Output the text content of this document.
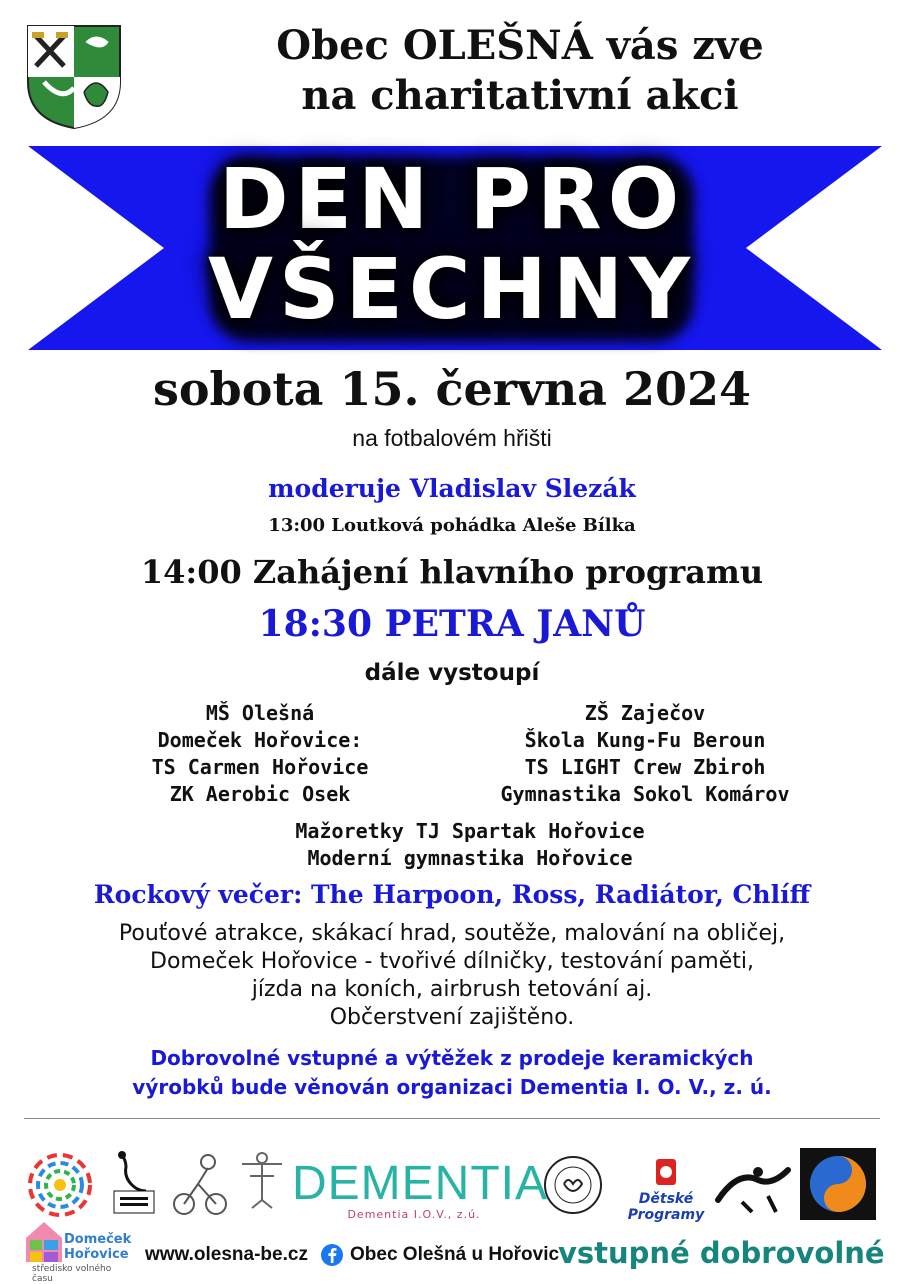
Obec OLEŠNÁ vás zve
na charitativní akci
DEN PRO
VŠECHNY
sobota 15. června 2024
na fotbalovém hřišti
moderuje Vladislav Slezák
13:00 Loutková pohádka Aleše Bílka
14:00 Zahájení hlavního programu
18:30 PETRA JANŮ
dále vystoupí
MŠ Olešná
Domeček Hořovice:
TS Carmen Hořovice
ZK Aerobic Osek
ZŠ Zaječov
Škola Kung-Fu Beroun
TS LIGHT Crew Zbiroh
Gymnastika Sokol Komárov
Mažoretky TJ Spartak Hořovice
Moderní gymnastika Hořovice
Rockový večer: The Harpoon, Ross, Radiátor, Chlíff
Pouťové atrakce, skákací hrad, soutěže, malování na obličej,
Domeček Hořovice - tvořivé dílničky, testování paměti,
jízda na koních, airbrush tetování aj.
Občerstvení zajištěno.
Dobrovolné vstupné a výtěžek z prodeje keramických
výrobků bude věnován organizaci Dementia I. O. V., z. ú.
DEMENTIA
Dementia I.O.V., z.ú.
Dětské Programy
Domeček
Hořovice
středisko volného času
www.olesna-be.cz Obec Olešná u Hořovic
vstupné dobrovolné
